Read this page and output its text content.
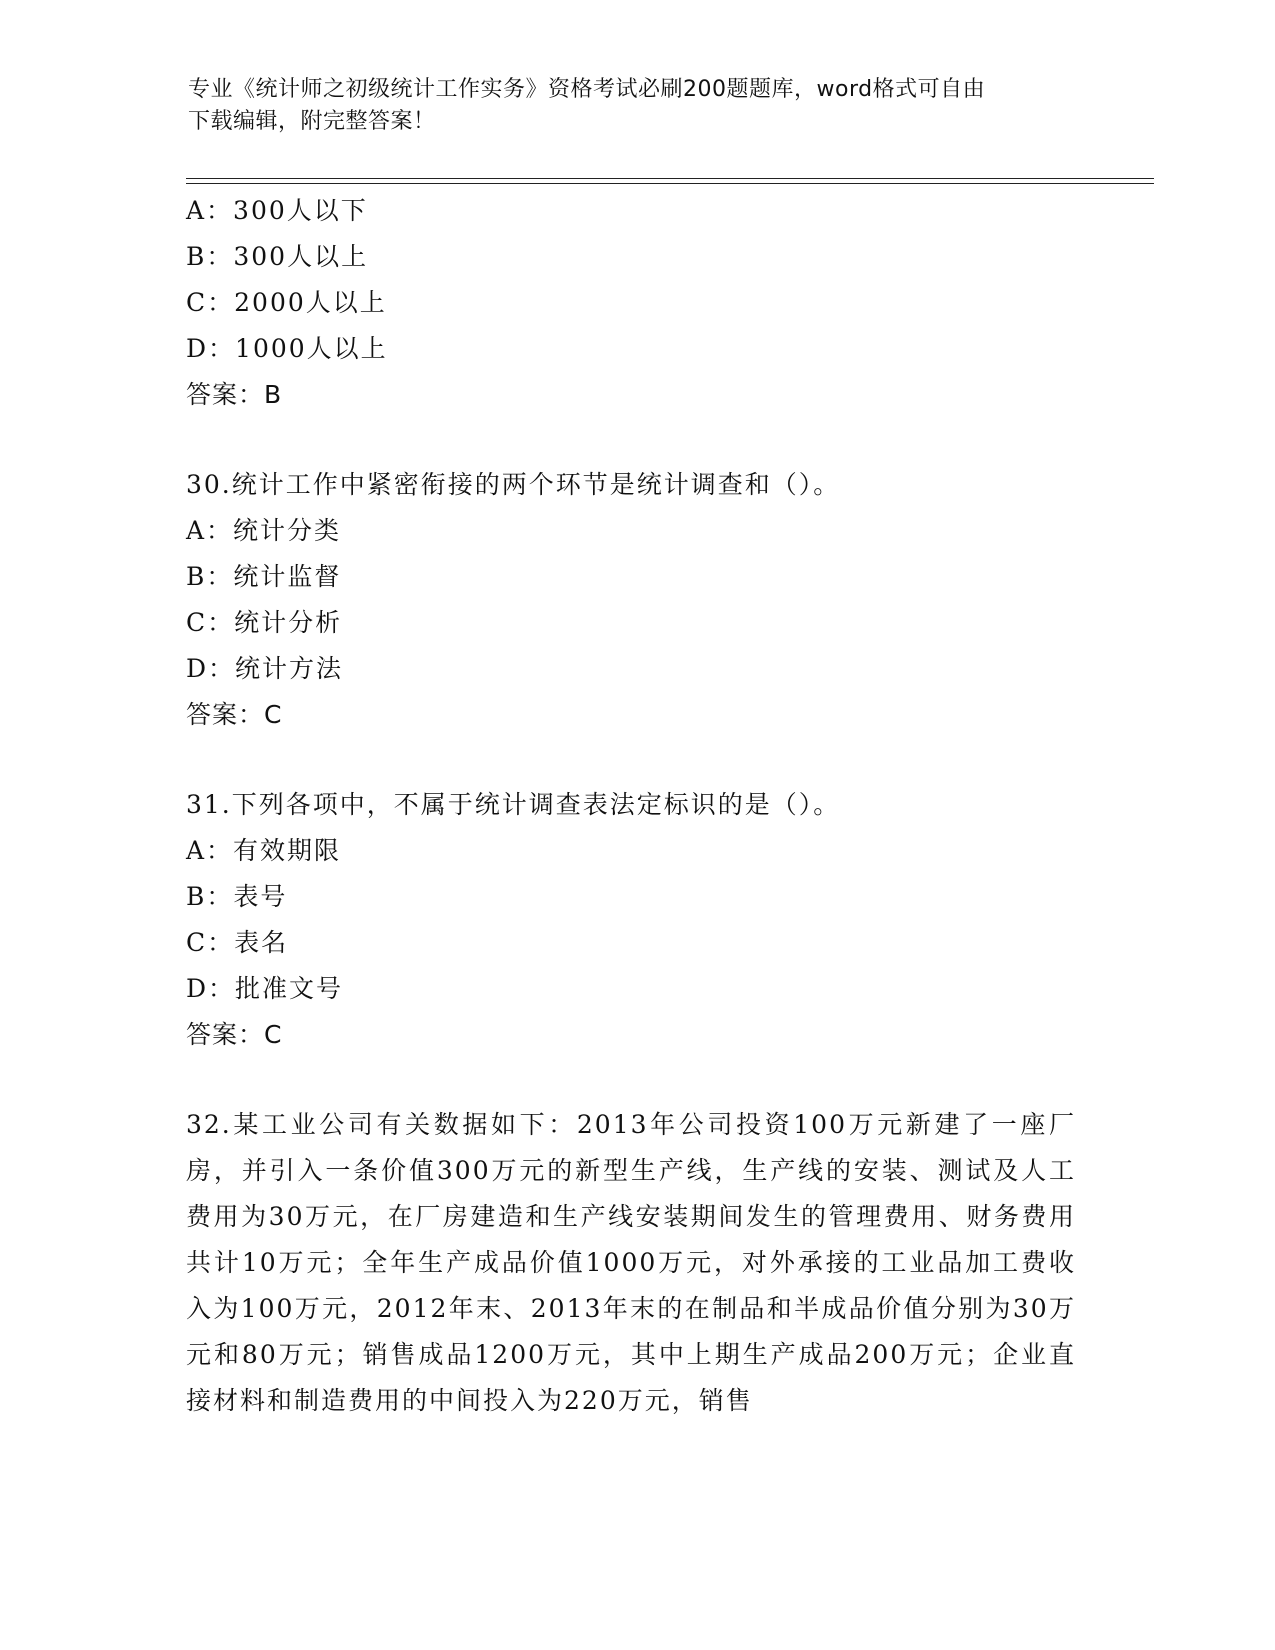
专业《统计师之初级统计工作实务》资格考试必刷200题题库，word格式可自由
下载编辑，附完整答案！
A：300人以下
B：300人以上
C：2000人以上
D：1000人以上
答案：B
30.统计工作中紧密衔接的两个环节是统计调查和（）。
A：统计分类
B：统计监督
C：统计分析
D：统计方法
答案：C
31.下列各项中，不属于统计调查表法定标识的是（）。
A：有效期限
B：表号
C：表名
D：批准文号
答案：C
32.某工业公司有关数据如下：2013年公司投资100万元新建了一座厂房，并引入一条价值300万元的新型生产线，生产线的安装、测试及人工费用为30万元，在厂房建造和生产线安装期间发生的管理费用、财务费用共计10万元；全年生产成品价值1000万元，对外承接的工业品加工费收入为100万元，2012年末、2013年末的在制品和半成品价值分别为30万元和80万元；销售成品1200万元，其中上期生产成品200万元；企业直接材料和制造费用的中间投入为220万元，销售
